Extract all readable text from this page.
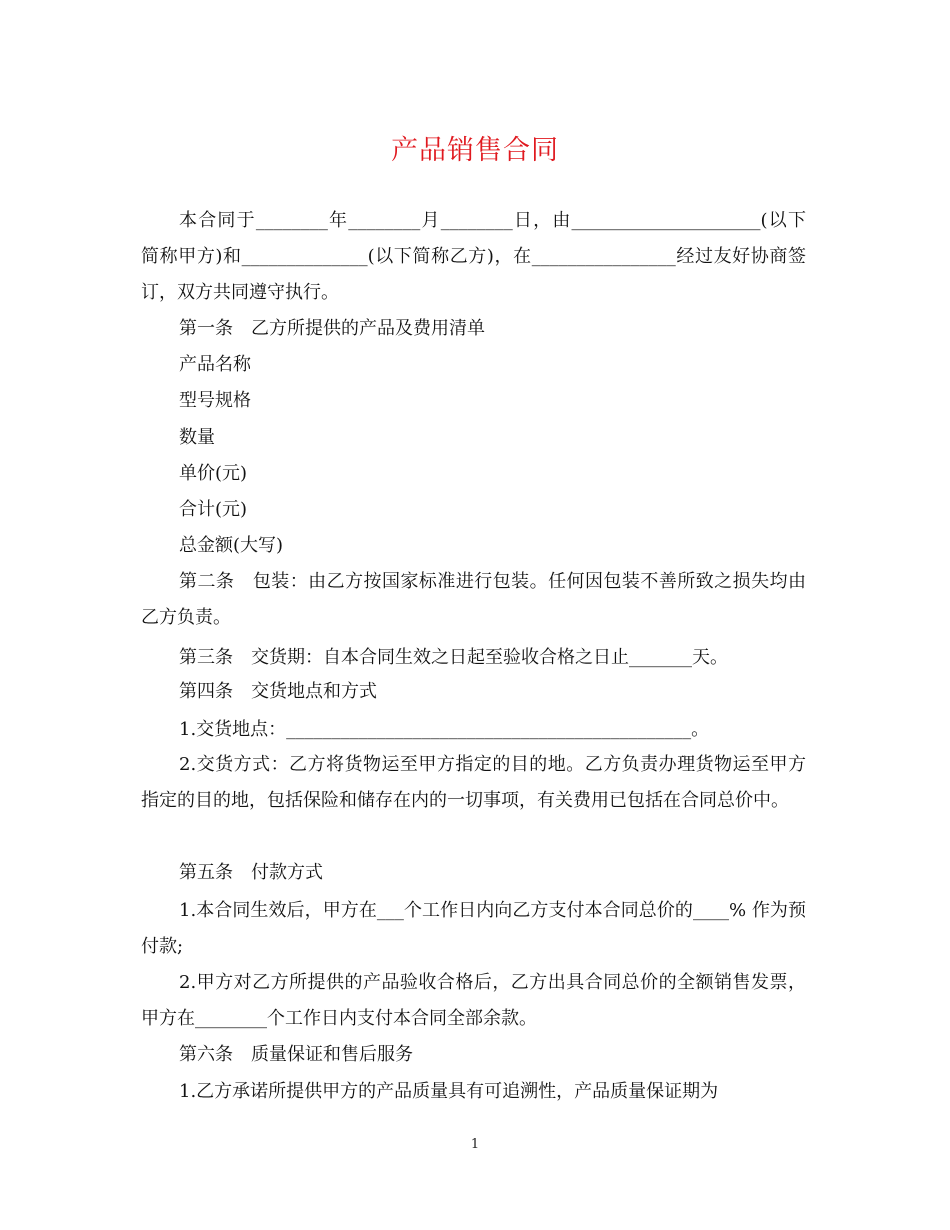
产品销售合同
本合同于________年________月________日，由_____________________(以下简称甲方)和______________(以下简称乙方)，在________________经过友好协商签订，双方共同遵守执行。
第一条　乙方所提供的产品及费用清单
产品名称
型号规格
数量
单价(元)
合计(元)
总金额(大写)
第二条　包装：由乙方按国家标准进行包装。任何因包装不善所致之损失均由乙方负责。
第三条　交货期：自本合同生效之日起至验收合格之日止_______天。
第四条　交货地点和方式
1.交货地点：_____________________________________________。
2.交货方式：乙方将货物运至甲方指定的目的地。乙方负责办理货物运至甲方指定的目的地，包括保险和储存在内的一切事项，有关费用已包括在合同总价中。
第五条　付款方式
1.本合同生效后，甲方在___个工作日内向乙方支付本合同总价的____% 作为预付款;
2.甲方对乙方所提供的产品验收合格后，乙方出具合同总价的全额销售发票，甲方在________个工作日内支付本合同全部余款。
第六条　质量保证和售后服务
1.乙方承诺所提供甲方的产品质量具有可追溯性，产品质量保证期为
1
